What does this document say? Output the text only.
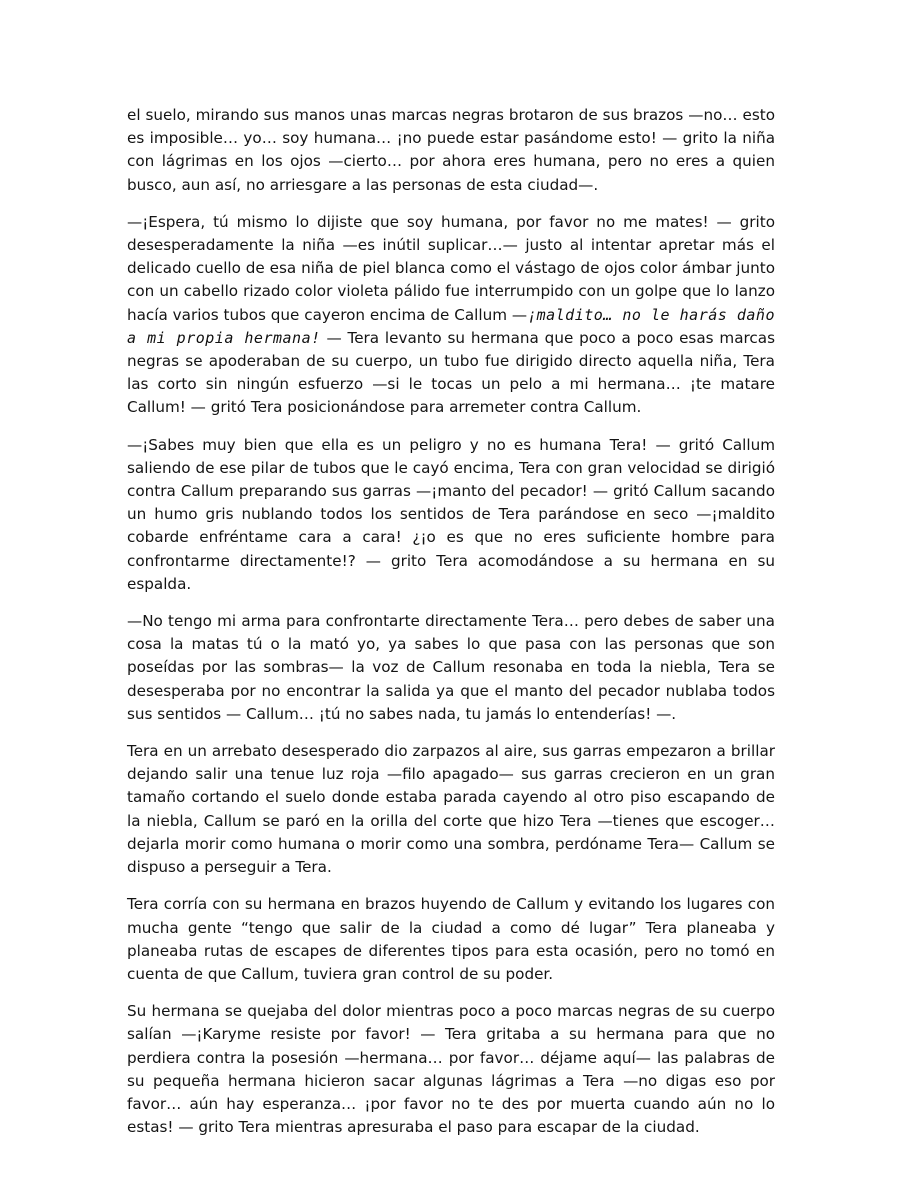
el suelo, mirando sus manos unas marcas negras brotaron de sus brazos —no… esto es imposible… yo… soy humana… ¡no puede estar pasándome esto! — grito la niña con lágrimas en los ojos —cierto… por ahora eres humana, pero no eres a quien busco, aun así, no arriesgare a las personas de esta ciudad—.

—¡Espera, tú mismo lo dijiste que soy humana, por favor no me mates! — grito desesperadamente la niña —es inútil suplicar…— justo al intentar apretar más el delicado cuello de esa niña de piel blanca como el vástago de ojos color ámbar junto con un cabello rizado color violeta pálido fue interrumpido con un golpe que lo lanzo hacía varios tubos que cayeron encima de Callum —¡maldito… no le harás daño a mi propia hermana! — Tera levanto su hermana que poco a poco esas marcas negras se apoderaban de su cuerpo, un tubo fue dirigido directo aquella niña, Tera las corto sin ningún esfuerzo —si le tocas un pelo a mi hermana… ¡te matare Callum! — gritó Tera posicionándose para arremeter contra Callum.

—¡Sabes muy bien que ella es un peligro y no es humana Tera! — gritó Callum saliendo de ese pilar de tubos que le cayó encima, Tera con gran velocidad se dirigió contra Callum preparando sus garras —¡manto del pecador! — gritó Callum sacando un humo gris nublando todos los sentidos de Tera parándose en seco —¡maldito cobarde enfréntame cara a cara! ¿¡o es que no eres suficiente hombre para confrontarme directamente!? — grito Tera acomodándose a su hermana en su espalda.

—No tengo mi arma para confrontarte directamente Tera… pero debes de saber una cosa la matas tú o la mató yo, ya sabes lo que pasa con las personas que son poseídas por las sombras— la voz de Callum resonaba en toda la niebla, Tera se desesperaba por no encontrar la salida ya que el manto del pecador nublaba todos sus sentidos — Callum… ¡tú no sabes nada, tu jamás lo entenderías! —.

Tera en un arrebato desesperado dio zarpazos al aire, sus garras empezaron a brillar dejando salir una tenue luz roja —filo apagado— sus garras crecieron en un gran tamaño cortando el suelo donde estaba parada cayendo al otro piso escapando de la niebla, Callum se paró en la orilla del corte que hizo Tera —tienes que escoger… dejarla morir como humana o morir como una sombra, perdóname Tera— Callum se dispuso a perseguir a Tera.

Tera corría con su hermana en brazos huyendo de Callum y evitando los lugares con mucha gente “tengo que salir de la ciudad a como dé lugar” Tera planeaba y planeaba rutas de escapes de diferentes tipos para esta ocasión, pero no tomó en cuenta de que Callum, tuviera gran control de su poder.

Su hermana se quejaba del dolor mientras poco a poco marcas negras de su cuerpo salían —¡Karyme resiste por favor! — Tera gritaba a su hermana para que no perdiera contra la posesión —hermana… por favor… déjame aquí— las palabras de su pequeña hermana hicieron sacar algunas lágrimas a Tera —no digas eso por favor… aún hay esperanza… ¡por favor no te des por muerta cuando aún no lo estas! — grito Tera mientras apresuraba el paso para escapar de la ciudad.
